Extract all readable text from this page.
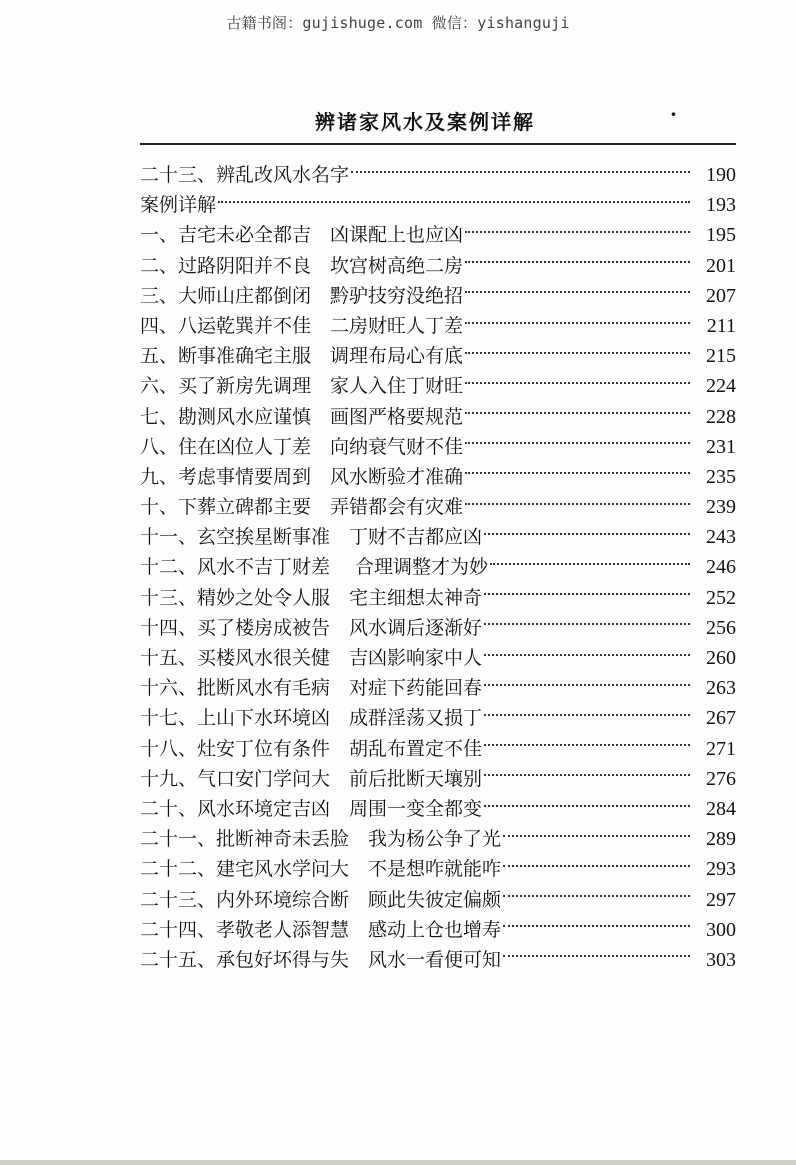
古籍书阁：gujishuge.com 微信：yishanguji
辨诸家风水及案例详解	·
二十三、辨乱改风水名字	190
案例详解	193
一、吉宅未必全都吉　凶课配上也应凶	195
二、过路阴阳并不良　坎宫树高绝二房	201
三、大师山庄都倒闭　黔驴技穷没绝招	207
四、八运乾巽并不佳　二房财旺人丁差	211
五、断事准确宅主服　调理布局心有底	215
六、买了新房先调理　家人入住丁财旺	224
七、勘测风水应谨慎　画图严格要规范	228
八、住在凶位人丁差　向纳衰气财不佳	231
九、考虑事情要周到　风水断验才准确	235
十、下葬立碑都主要　弄错都会有灾难	239
十一、玄空挨星断事准　丁财不吉都应凶	243
十二、风水不吉丁财差　 合理调整才为妙	246
十三、精妙之处令人服　宅主细想太神奇	252
十四、买了楼房成被告　风水调后逐渐好	256
十五、买楼风水很关健　吉凶影响家中人	260
十六、批断风水有毛病　对症下药能回春	263
十七、上山下水环境凶　成群淫荡又损丁	267
十八、灶安丁位有条件　胡乱布置定不佳	271
十九、气口安门学问大　前后批断天壤别	276
二十、风水环境定吉凶　周围一变全都变	284
二十一、批断神奇未丢脸　我为杨公争了光	289
二十二、建宅风水学问大　不是想咋就能咋	293
二十三、内外环境综合断　顾此失彼定偏颇	297
二十四、孝敬老人添智慧　感动上仓也增寿	300
二十五、承包好坏得与失　风水一看便可知	303
